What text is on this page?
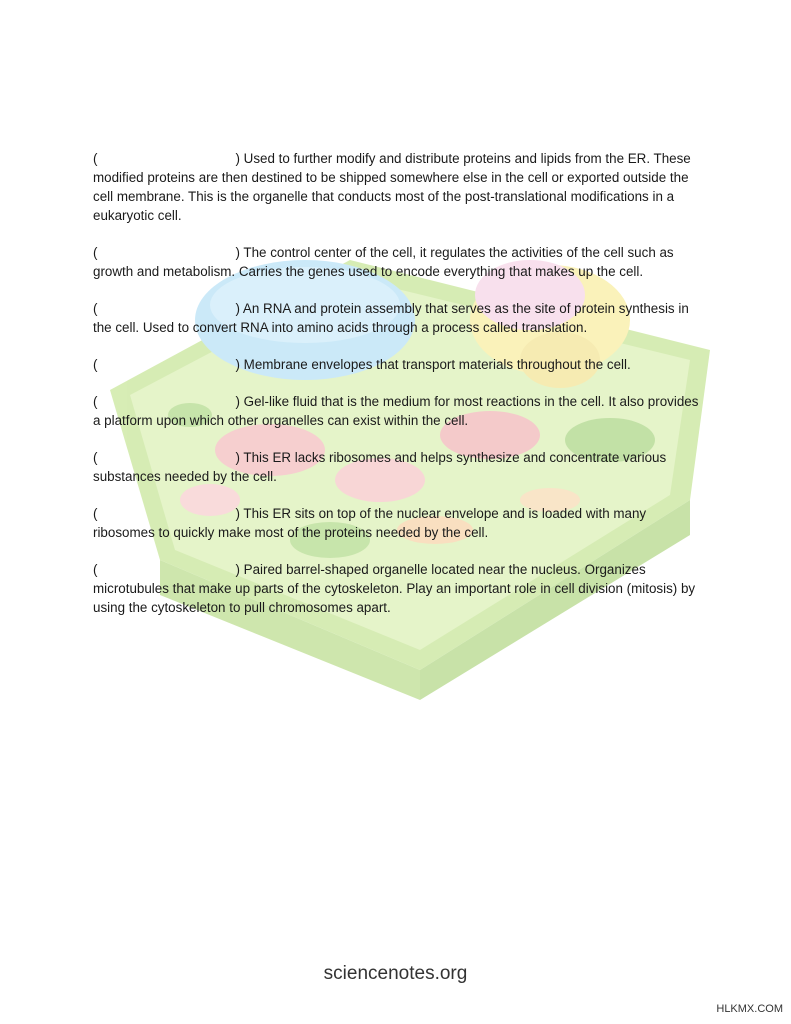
(	) Used to further modify and distribute proteins and lipids from the ER. These modified proteins are then destined to be shipped somewhere else in the cell or exported outside the cell membrane. This is the organelle that conducts most of the post-translational modifications in a eukaryotic cell.

(	) The control center of the cell, it regulates the activities of the cell such as growth and metabolism. Carries the genes used to encode everything that makes up the cell.

(	) An RNA and protein assembly that serves as the site of protein synthesis in the cell. Used to convert RNA into amino acids through a process called translation.

(	) Membrane envelopes that transport materials throughout the cell.

(	) Gel-like fluid that is the medium for most reactions in the cell. It also provides a platform upon which other organelles can exist within the cell.

(	) This ER lacks ribosomes and helps synthesize and concentrate various substances needed by the cell.

(	) This ER sits on top of the nuclear envelope and is loaded with many ribosomes to quickly make most of the proteins needed by the cell.

(	) Paired barrel-shaped organelle located near the nucleus. Organizes microtubules that make up parts of the cytoskeleton. Play an important role in cell division (mitosis) by using the cytoskeleton to pull chromosomes apart.

sciencenotes.org
HLKMX.COM
